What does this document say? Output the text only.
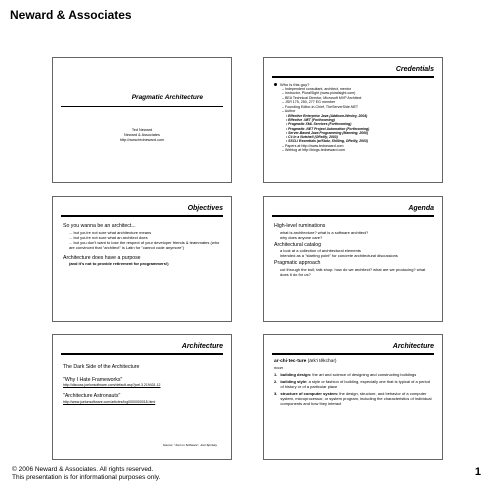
Neward & Associates
Pragmatic Architecture
Ted Neward
Neward & Associates
http://www.tedneward.com
Credentials
Who is this guy?
– Independent consultant, architect, mentor
– Instructor, PluralSight (www.pluralsight.com)
– BEA Technical Director, Microsoft MVP Architect
– JSR 175, 250, 277 EG member
– Founding Editor-in-Chief, TheServerSide.NET
– Author
• Effective Enterprise Java (Addison-Wesley, 2004)
• Effective .NET (Forthcoming)
• Pragmatic XML Services (Forthcoming)
• Pragmatic .NET Project Automation (Forthcoming)
• Server-Based Java Programming (Manning, 2000)
• C# In a Nutshell (OReilly, 2003)
• SSCLI Essentials (w/Stutz, Shilling, OReilly, 2003)
– Papers at http://www.tedneward.com
– Weblog at http://blogs.tedneward.com
Objectives
So you wanna be an architect...
... but you're not sure what architecture means
... but you're not sure what an architect does
... but you don't want to lose the respect of your developer friends & teammates (who are convinced that "architect" is Latin for "cannot code anymore")
Architecture does have a purpose
(and it's not to provide retirement for programmers!)
Agenda
High-level ruminations
what is architecture? what is a software architect?
why does anyone care?
Architectural catalog
a look at a collection of architectural elements
intended as a "starting point" for concrete architectural discussions
Pragmatic approach
cut through the bull; talk shop: how do we architect? what are we producing? what does it do for us?
Architecture
The Dark Side of the Architecture
"Why I Hate Frameworks"
http://discuss.joelonsoftware.com/default.asp?joel.3.219431.12
"Architecture Astronauts"
http://www.joelonsoftware.com/articles/fog0000000018.html
Source: "Joel on Software", Joel Spolsky
Architecture
ar·chi·tec·ture (ärk'i tĕkchər)
noun
1. building design: the art and science of designing and constructing buildings
2. building style: a style or fashion of building, especially one that is typical of a period of history or of a particular place
3. structure of computer system: the design, structure, and behavior of a computer system, microprocessor, or system program, including the characteristics of individual components and how they interact
© 2006 Neward & Associates. All rights reserved.
This presentation is for informational purposes only.	1
